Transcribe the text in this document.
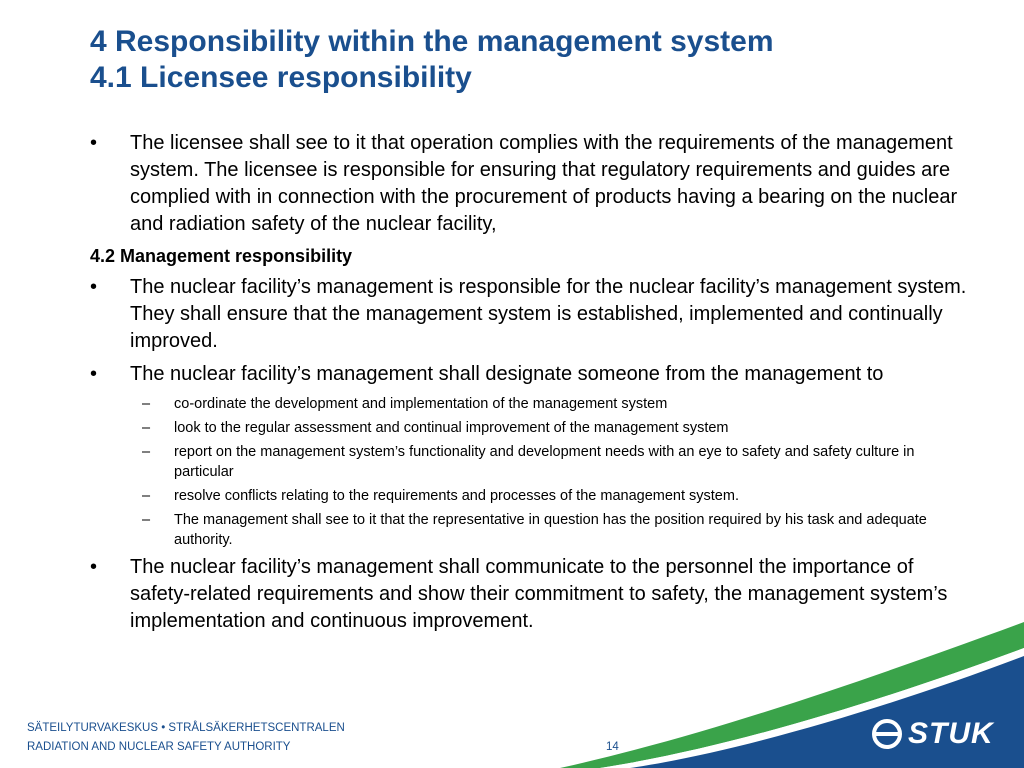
4 Responsibility within the management system
4.1 Licensee responsibility
• The licensee shall see to it that operation complies with the requirements of the management system. The licensee is responsible for ensuring that regulatory requirements and guides are complied with in connection with the procurement of products having a bearing on the nuclear and radiation safety of the nuclear facility,
4.2 Management responsibility
• The nuclear facility’s management is responsible for the nuclear facility’s management system. They shall ensure that the management system is established, implemented and continually improved.
• The nuclear facility’s management shall designate someone from the management to
– co-ordinate the development and implementation of the management system
– look to the regular assessment and continual improvement of the management system
– report on the management system’s functionality and development needs with an eye to safety and safety culture in particular
– resolve conflicts relating to the requirements and processes of the management system.
– The management shall see to it that the representative in question has the position required by his task and adequate authority.
• The nuclear facility’s management shall communicate to the personnel the importance of safety-related requirements and show their commitment to safety, the management system’s implementation and continuous improvement.
SÄTEILYTURVAKESKUS • STRÅLSÄKERHETSCENTRALEN
RADIATION AND NUCLEAR SAFETY AUTHORITY	14	STUK
